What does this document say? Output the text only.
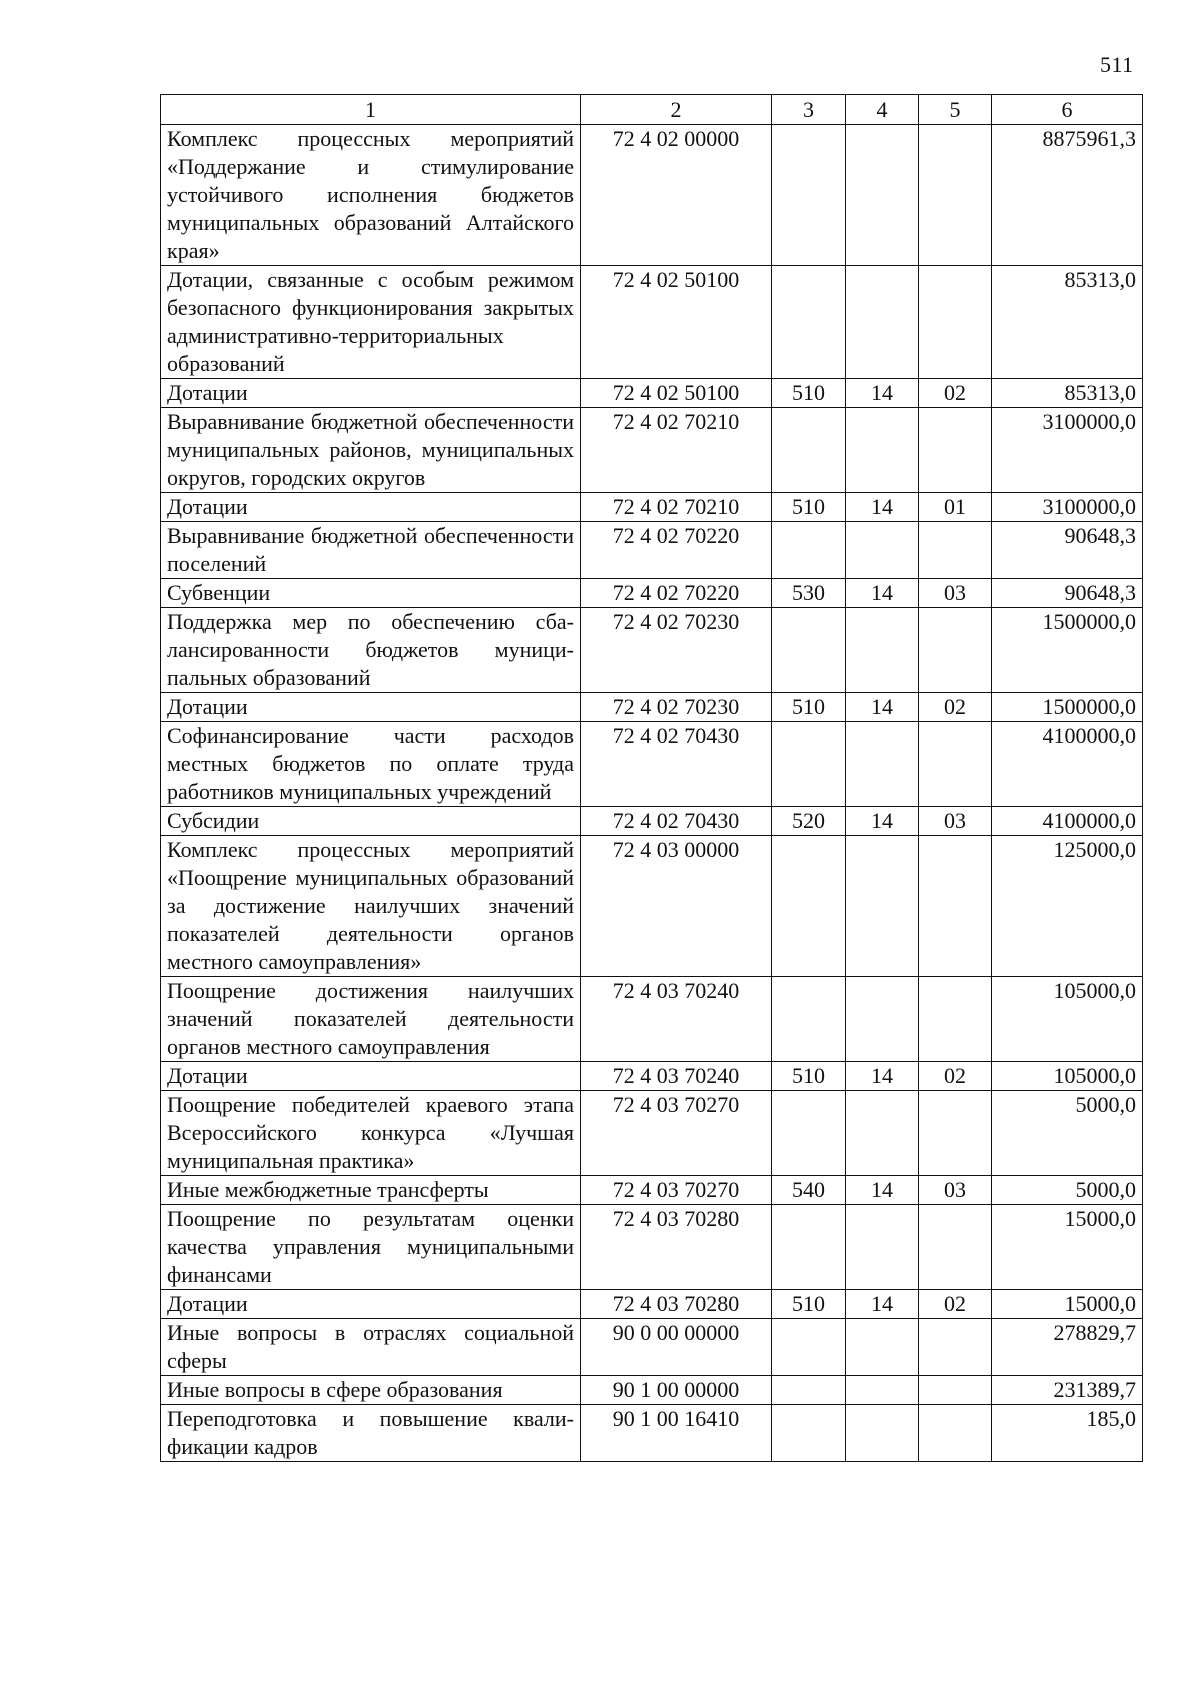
511
1	2	3	4	5	6
Комплекс процессных мероприятий «Поддержание и стимулирование устойчивого исполнения бюджетов муниципальных образований Алтайского края»	72 4 02 00000				8875961,3
Дотации, связанные с особым режимом безопасного функционирования закрытых административно-территориальных образований	72 4 02 50100				85313,0
Дотации	72 4 02 50100	510	14	02	85313,0
Выравнивание бюджетной обеспеченности муниципальных районов, муниципальных округов, городских округов	72 4 02 70210				3100000,0
Дотации	72 4 02 70210	510	14	01	3100000,0
Выравнивание бюджетной обеспеченности поселений	72 4 02 70220				90648,3
Субвенции	72 4 02 70220	530	14	03	90648,3
Поддержка мер по обеспечению сбалансированности бюджетов муниципальных образований	72 4 02 70230				1500000,0
Дотации	72 4 02 70230	510	14	02	1500000,0
Софинансирование части расходов местных бюджетов по оплате труда работников муниципальных учреждений	72 4 02 70430				4100000,0
Субсидии	72 4 02 70430	520	14	03	4100000,0
Комплекс процессных мероприятий «Поощрение муниципальных образований за достижение наилучших значений показателей деятельности органов местного самоуправления»	72 4 03 00000				125000,0
Поощрение достижения наилучших значений показателей деятельности органов местного самоуправления	72 4 03 70240				105000,0
Дотации	72 4 03 70240	510	14	02	105000,0
Поощрение победителей краевого этапа Всероссийского конкурса «Лучшая муниципальная практика»	72 4 03 70270				5000,0
Иные межбюджетные трансферты	72 4 03 70270	540	14	03	5000,0
Поощрение по результатам оценки качества управления муниципальными финансами	72 4 03 70280				15000,0
Дотации	72 4 03 70280	510	14	02	15000,0
Иные вопросы в отраслях социальной сферы	90 0 00 00000				278829,7
Иные вопросы в сфере образования	90 1 00 00000				231389,7
Переподготовка и повышение квалификации кадров	90 1 00 16410				185,0
